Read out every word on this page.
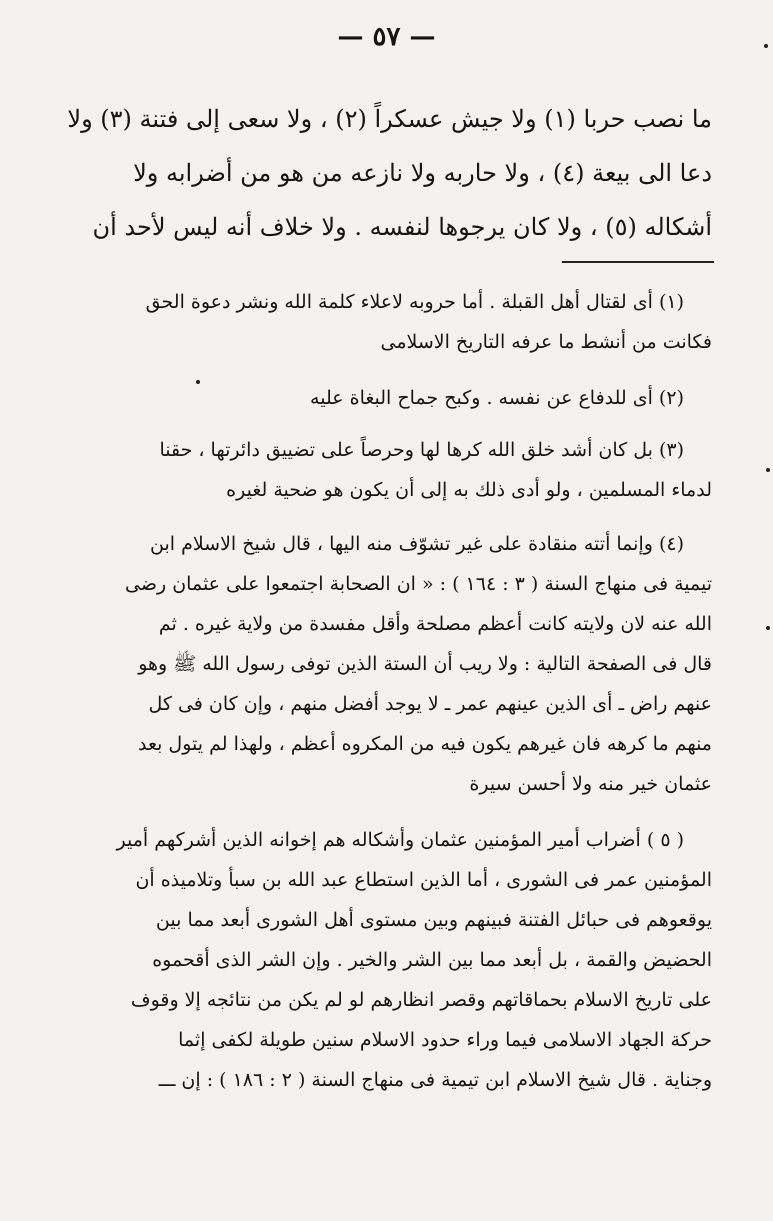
— ٥٧ —
ما نصب حربا (١) ولا جيش عسكراً (٢) ، ولا سعى إلى فتنة (٣) ولا
دعا الى بيعة (٤) ، ولا حاربه ولا نازعه من هو من أضرابه ولا
أشكاله (٥) ، ولا كان يرجوها لنفسه . ولا خلاف أنه ليس لأحد أن
(١) أى لقتال أهل القبلة . أما حروبه لاعلاء كلمة الله ونشر دعوة الحق
فكانت من أنشط ما عرفه التاريخ الاسلامى
(٢) أى للدفاع عن نفسه . وكبح جماح البغاة عليه
(٣) بل كان أشد خلق الله كرها لها وحرصاً على تضييق دائرتها ، حقنا
لدماء المسلمين ، ولو أدى ذلك به إلى أن يكون هو ضحية لغيره
(٤) وإنما أتته منقادة على غير تشوّف منه اليها ، قال شيخ الاسلام ابن
تيمية فى منهاج السنة ( ٣ : ١٦٤ ) : « ان الصحابة اجتمعوا على عثمان رضى
الله عنه لان ولايته كانت أعظم مصلحة وأقل مفسدة من ولاية غيره . ثم
قال فى الصفحة التالية : ولا ريب أن الستة الذين توفى رسول الله ﷺ وهو
عنهم راض ـ أى الذين عينهم عمر ـ لا يوجد أفضل منهم ، وإن كان فى كل
منهم ما كرهه فان غيرهم يكون فيه من المكروه أعظم ، ولهذا لم يتول بعد
عثمان خير منه ولا أحسن سيرة
( ٥ ) أضراب أمير المؤمنين عثمان وأشكاله هم إخوانه الذين أشركهم أمير
المؤمنين عمر فى الشورى ، أما الذين استطاع عبد الله بن سبأ وتلاميذه أن
يوقعوهم فى حبائل الفتنة فبينهم وبين مستوى أهل الشورى أبعد مما بين
الحضيض والقمة ، بل أبعد مما بين الشر والخير . وإن الشر الذى أقحموه
على تاريخ الاسلام بحماقاتهم وقصر انظارهم لو لم يكن من نتائجه إلا وقوف
حركة الجهاد الاسلامى فيما وراء حدود الاسلام سنين طويلة لكفى إثما
وجناية . قال شيخ الاسلام ابن تيمية فى منهاج السنة ( ٢ : ١٨٦ ) : إن ـــ
